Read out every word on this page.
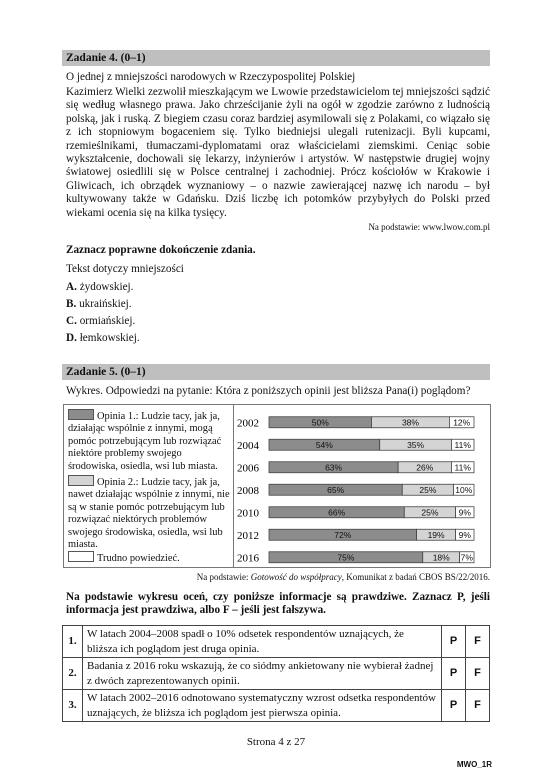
Zadanie 4. (0–1)
O jednej z mniejszości narodowych w Rzeczypospolitej Polskiej
Kazimierz Wielki zezwolił mieszkającym we Lwowie przedstawicielom tej mniejszości sądzić się według własnego prawa. Jako chrześcijanie żyli na ogół w zgodzie zarówno z ludnością polską, jak i ruską. Z biegiem czasu coraz bardziej asymilowali się z Polakami, co wiązało się z ich stopniowym bogaceniem się. Tylko biedniejsi ulegali rutenizacji. Byli kupcami, rzemieślnikami, tłumaczami-dyplomatami oraz właścicielami ziemskimi. Ceniąc sobie wykształcenie, dochowali się lekarzy, inżynierów i artystów. W następstwie drugiej wojny światowej osiedlili się w Polsce centralnej i zachodniej. Prócz kościołów w Krakowie i Gliwicach, ich obrządek wyznaniowy – o nazwie zawierającej nazwę ich narodu – był kultywowany także w Gdańsku. Dziś liczbę ich potomków przybyłych do Polski przed wiekami ocenia się na kilka tysięcy.
Na podstawie: www.lwow.com.pl
Zaznacz poprawne dokończenie zdania.
Tekst dotyczy mniejszości
A. żydowskiej.
B. ukraińskiej.
C. ormiańskiej.
D. łemkowskiej.
Zadanie 5. (0–1)
Wykres. Odpowiedzi na pytanie: Która z poniższych opinii jest bliższa Pana(i) poglądom?
Opinia 1.: Ludzie tacy, jak ja, działając wspólnie z innymi, mogą pomóc potrzebującym lub rozwiązać niektóre problemy swojego środowiska, osiedla, wsi lub miasta.
Opinia 2.: Ludzie tacy, jak ja, nawet działając wspólnie z innymi, nie są w stanie pomóc potrzebującym lub rozwiązać niektórych problemów swojego środowiska, osiedla, wsi lub miasta.
Trudno powiedzieć.
2002	50%	38%	12%
2004	54%	35%	11%
2006	63%	26% 11%
2008	65%	25% 10%
2010	66%	25% 9%
2012	72%	19% 9%
2016	75%	18% 7%
Na podstawie: Gotowość do współpracy, Komunikat z badań CBOS BS/22/2016.
Na podstawie wykresu oceń, czy poniższe informacje są prawdziwe. Zaznacz P, jeśli informacja jest prawdziwa, albo F – jeśli jest fałszywa.
1.	W latach 2004–2008 spadł o 10% odsetek respondentów uznających, że bliższa ich poglądom jest druga opinia.	P	F
2.	Badania z 2016 roku wskazują, że co siódmy ankietowany nie wybierał żadnej z dwóch zaprezentowanych opinii.	P	F
3.	W latach 2002–2016 odnotowano systematyczny wzrost odsetka respondentów uznających, że bliższa ich poglądom jest pierwsza opinia.	P	F
Strona 4 z 27
MWO_1R
